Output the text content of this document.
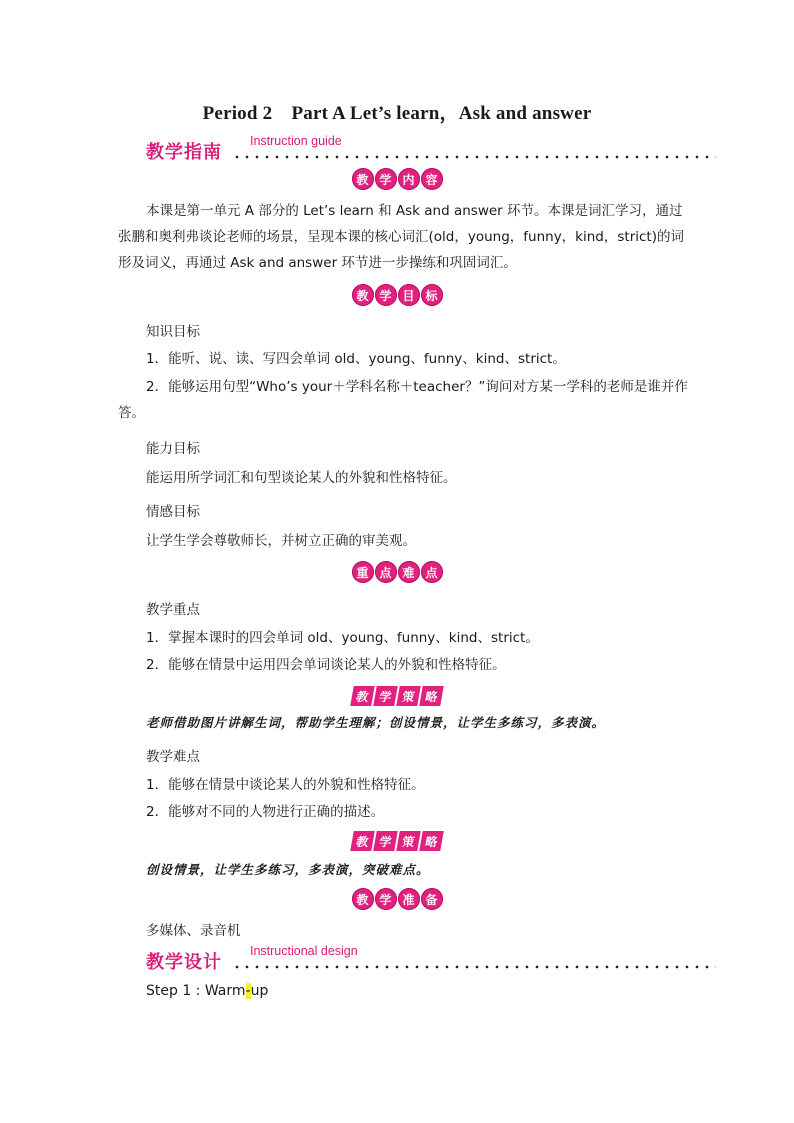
Period 2　Part A Let’s learn，Ask and answer
教学指南
Instruction guide
教 学 内 容
本课是第一单元 A 部分的 Let’s learn 和 Ask and answer 环节。本课是词汇学习，通过张鹏和奥利弗谈论老师的场景，呈现本课的核心词汇(old，young，funny，kind，strict)的词形及词义，再通过 Ask and answer 环节进一步操练和巩固词汇。
教 学 目 标
知识目标
1．能听、说、读、写四会单词 old、young、funny、kind、strict。
2．能够运用句型“Who’s your＋学科名称＋teacher？”询问对方某一学科的老师是谁并作答。
能力目标
能运用所学词汇和句型谈论某人的外貌和性格特征。
情感目标
让学生学会尊敬师长，并树立正确的审美观。
重 点 难 点
教学重点
1．掌握本课时的四会单词 old、young、funny、kind、strict。
2．能够在情景中运用四会单词谈论某人的外貌和性格特征。
教 学 策 略
老师借助图片讲解生词，帮助学生理解；创设情景，让学生多练习，多表演。
教学难点
1．能够在情景中谈论某人的外貌和性格特征。
2．能够对不同的人物进行正确的描述。
教 学 策 略
创设情景，让学生多练习，多表演，突破难点。
教 学 准 备
多媒体、录音机
教学设计
Instructional design
Step 1 : Warm-up
